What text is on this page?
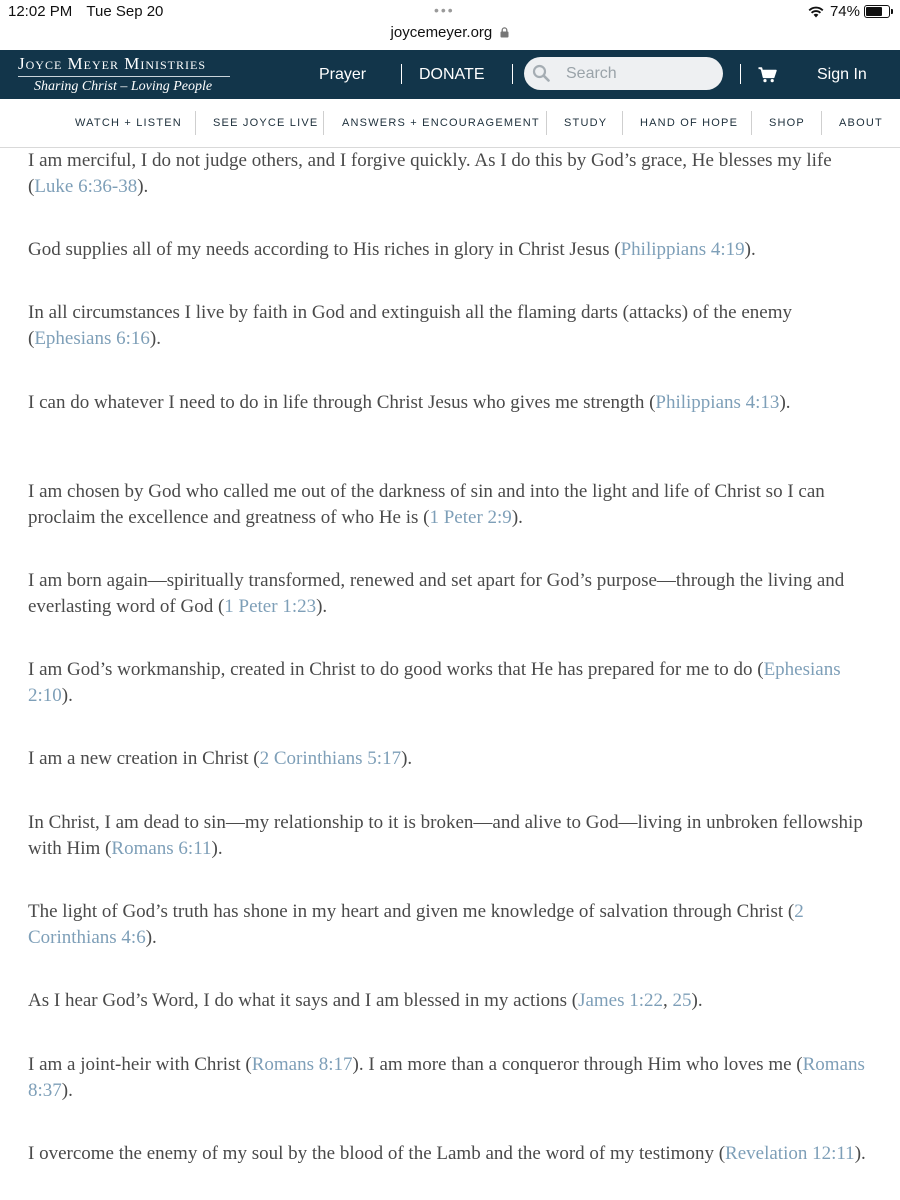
12:02 PM Tue Sep 20	•••	74%
joycemeyer.org
Joyce Meyer Ministries
Sharing Christ – Loving People
Prayer	DONATE
Search	Sign In
WATCH + LISTEN	SEE JOYCE LIVE ANSWERS + ENCOURAGEMENT STUDY	HAND OF HOPE	SHOP	ABOUT

I am merciful, I do not judge others, and I forgive quickly. As I do this by God’s grace, He blesses my life (Luke 6:36-38).

God supplies all of my needs according to His riches in glory in Christ Jesus (Philippians 4:19).

In all circumstances I live by faith in God and extinguish all the flaming darts (attacks) of the enemy (Ephesians 6:16).

I can do whatever I need to do in life through Christ Jesus who gives me strength (Philippians 4:13).

I am chosen by God who called me out of the darkness of sin and into the light and life of Christ so I can proclaim the excellence and greatness of who He is (1 Peter 2:9).

I am born again—spiritually transformed, renewed and set apart for God’s purpose—through the living and everlasting word of God (1 Peter 1:23).

I am God’s workmanship, created in Christ to do good works that He has prepared for me to do (Ephesians 2:10).

I am a new creation in Christ (2 Corinthians 5:17).

In Christ, I am dead to sin—my relationship to it is broken—and alive to God—living in unbroken fellowship with Him (Romans 6:11).

The light of God’s truth has shone in my heart and given me knowledge of salvation through Christ (2 Corinthians 4:6).

As I hear God’s Word, I do what it says and I am blessed in my actions (James 1:22, 25).

I am a joint-heir with Christ (Romans 8:17). I am more than a conqueror through Him who loves me (Romans 8:37).

I overcome the enemy of my soul by the blood of the Lamb and the word of my testimony (Revelation 12:11).
